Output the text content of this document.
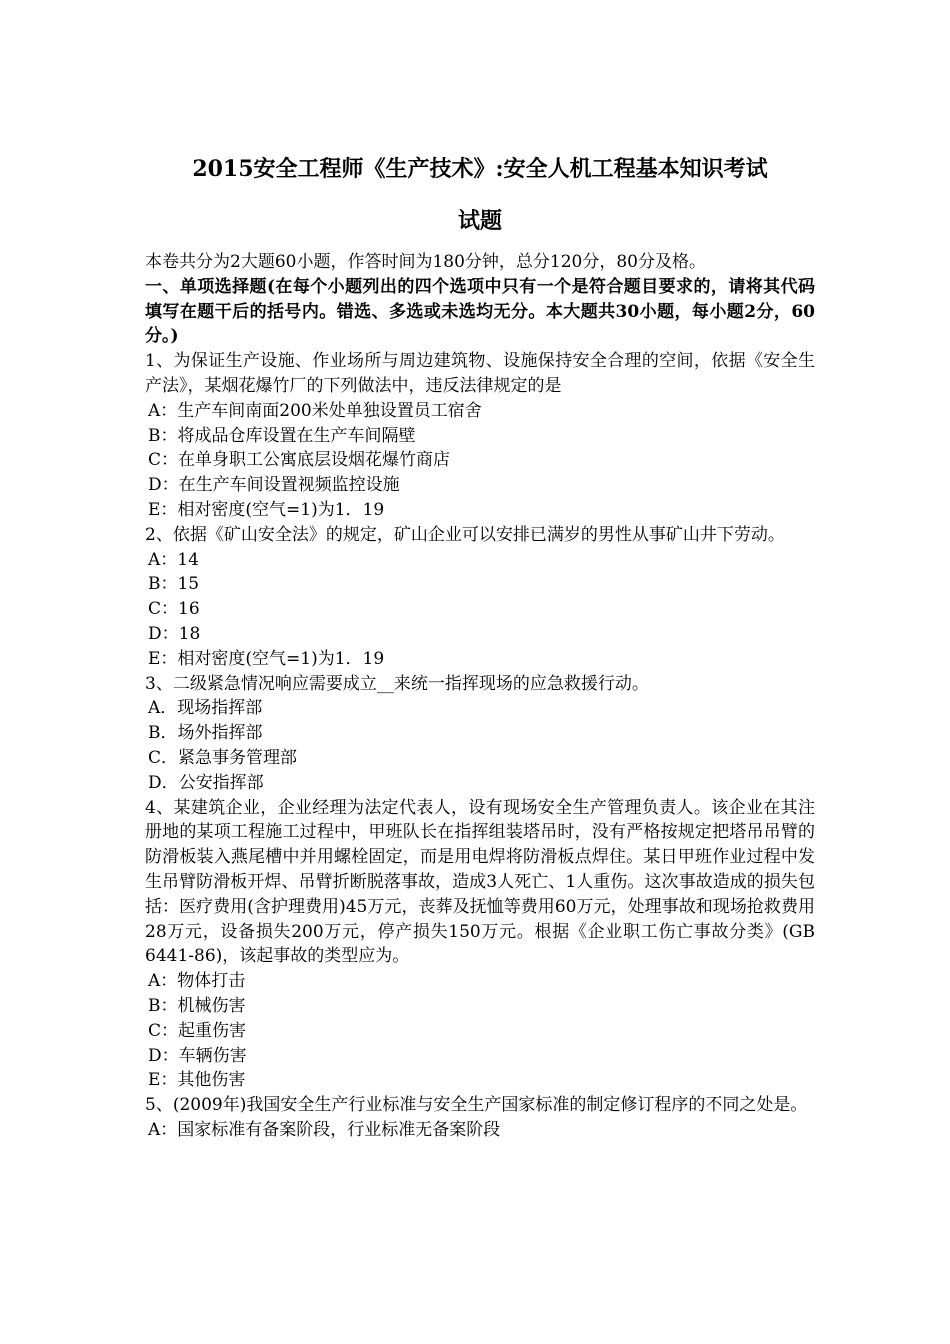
2015安全工程师《生产技术》:安全人机工程基本知识考试

试题

本卷共分为2大题60小题，作答时间为180分钟，总分120分，80分及格。

一、单项选择题(在每个小题列出的四个选项中只有一个是符合题目要求的，请将其代码填写在题干后的括号内。错选、多选或未选均无分。本大题共30小题，每小题2分，60分。)

1、为保证生产设施、作业场所与周边建筑物、设施保持安全合理的空间，依据《安全生产法》，某烟花爆竹厂的下列做法中，违反法律规定的是

A：生产车间南面200米处单独设置员工宿舍

B：将成品仓库设置在生产车间隔壁

C：在单身职工公寓底层设烟花爆竹商店

D：在生产车间设置视频监控设施

E：相对密度(空气=1)为1．19

2、依据《矿山安全法》的规定，矿山企业可以安排已满岁的男性从事矿山井下劳动。

A：14

B：15

C：16

D：18

E：相对密度(空气=1)为1．19

3、二级紧急情况响应需要成立__来统一指挥现场的应急救援行动。

A．现场指挥部

B．场外指挥部

C．紧急事务管理部

D．公安指挥部

4、某建筑企业，企业经理为法定代表人，设有现场安全生产管理负责人。该企业在其注册地的某项工程施工过程中，甲班队长在指挥组装塔吊时，没有严格按规定把塔吊吊臂的防滑板装入燕尾槽中并用螺栓固定，而是用电焊将防滑板点焊住。某日甲班作业过程中发生吊臂防滑板开焊、吊臂折断脱落事故，造成3人死亡、1人重伤。这次事故造成的损失包括：医疗费用(含护理费用)45万元，丧葬及抚恤等费用60万元，处理事故和现场抢救费用28万元，设备损失200万元，停产损失150万元。根据《企业职工伤亡事故分类》(GB 6441-86)，该起事故的类型应为。

A：物体打击

B：机械伤害

C：起重伤害

D：车辆伤害

E：其他伤害

5、(2009年)我国安全生产行业标准与安全生产国家标准的制定修订程序的不同之处是。

A：国家标准有备案阶段，行业标准无备案阶段
